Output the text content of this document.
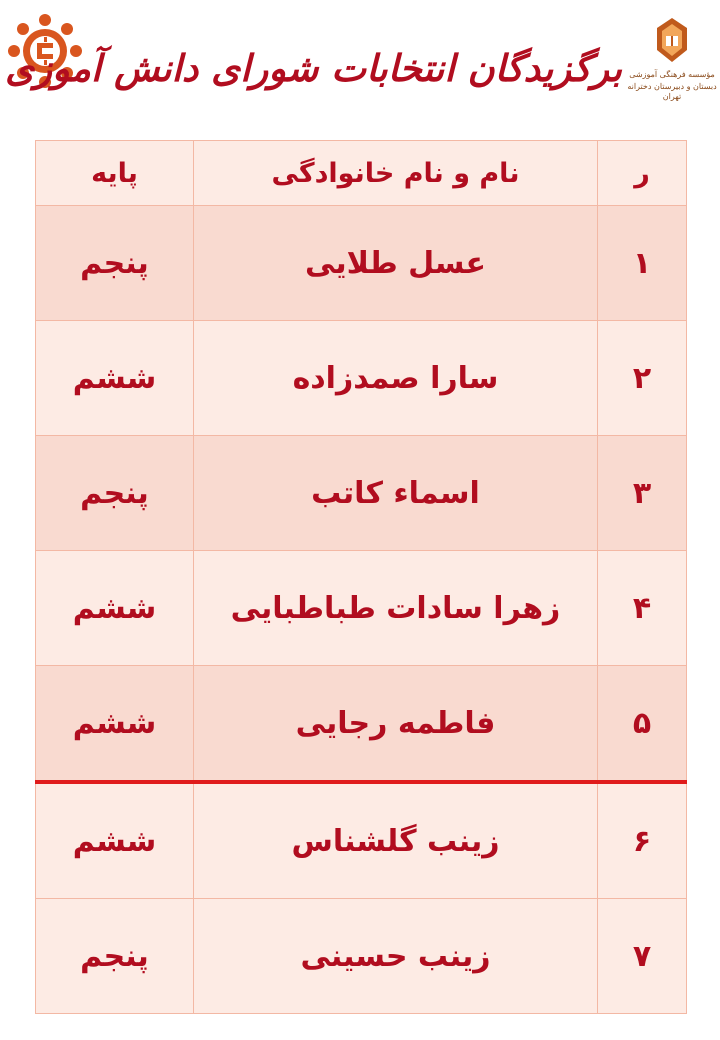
برگزیدگان انتخابات شورای دانش آموزی مؤسسه فرهنگی آموزشی
دبستان و دبیرستان دخترانه تهران
ر	نام و نام خانوادگی	پایه
۱	عسل طلایی	پنجم
۲	سارا صمدزاده	ششم
۳	اسماء کاتب	پنجم
۴	زهرا سادات طباطبایی	ششم
۵	فاطمه رجایی	ششم
۶	زینب گلشناس	ششم
۷	زینب حسینی	پنجم
